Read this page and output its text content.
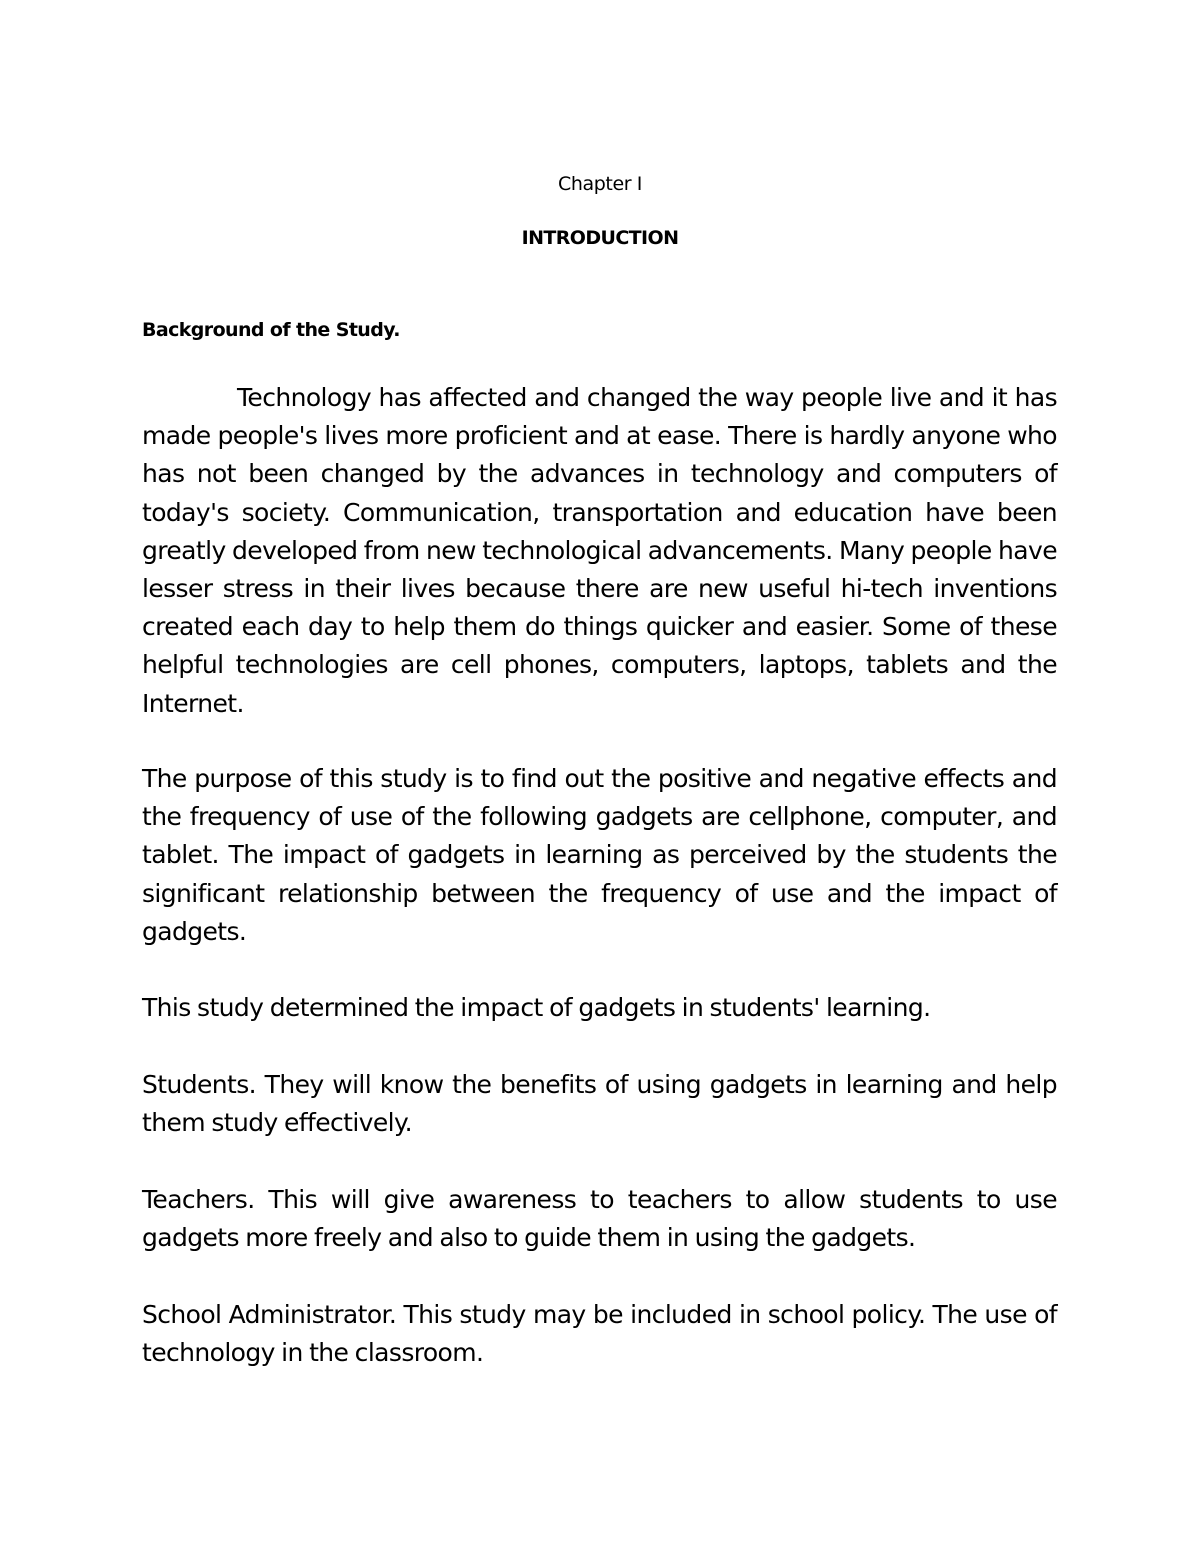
Chapter I
INTRODUCTION
Background of the Study.

Technology has affected and changed the way people live and it has made people's lives more proficient and at ease. There is hardly anyone who has not been changed by the advances in technology and computers of today's society. Communication, transportation and education have been greatly developed from new technological advancements. Many people have lesser stress in their lives because there are new useful hi-tech inventions created each day to help them do things quicker and easier. Some of these helpful technologies are cell phones, computers, laptops, tablets and the Internet.

The purpose of this study is to find out the positive and negative effects and the frequency of use of the following gadgets are cellphone, computer, and tablet. The impact of gadgets in learning as perceived by the students the significant relationship between the frequency of use and the impact of gadgets.

This study determined the impact of gadgets in students' learning.

Students. They will know the benefits of using gadgets in learning and help them study effectively.

Teachers. This will give awareness to teachers to allow students to use gadgets more freely and also to guide them in using the gadgets.

School Administrator. This study may be included in school policy. The use of technology in the classroom.
